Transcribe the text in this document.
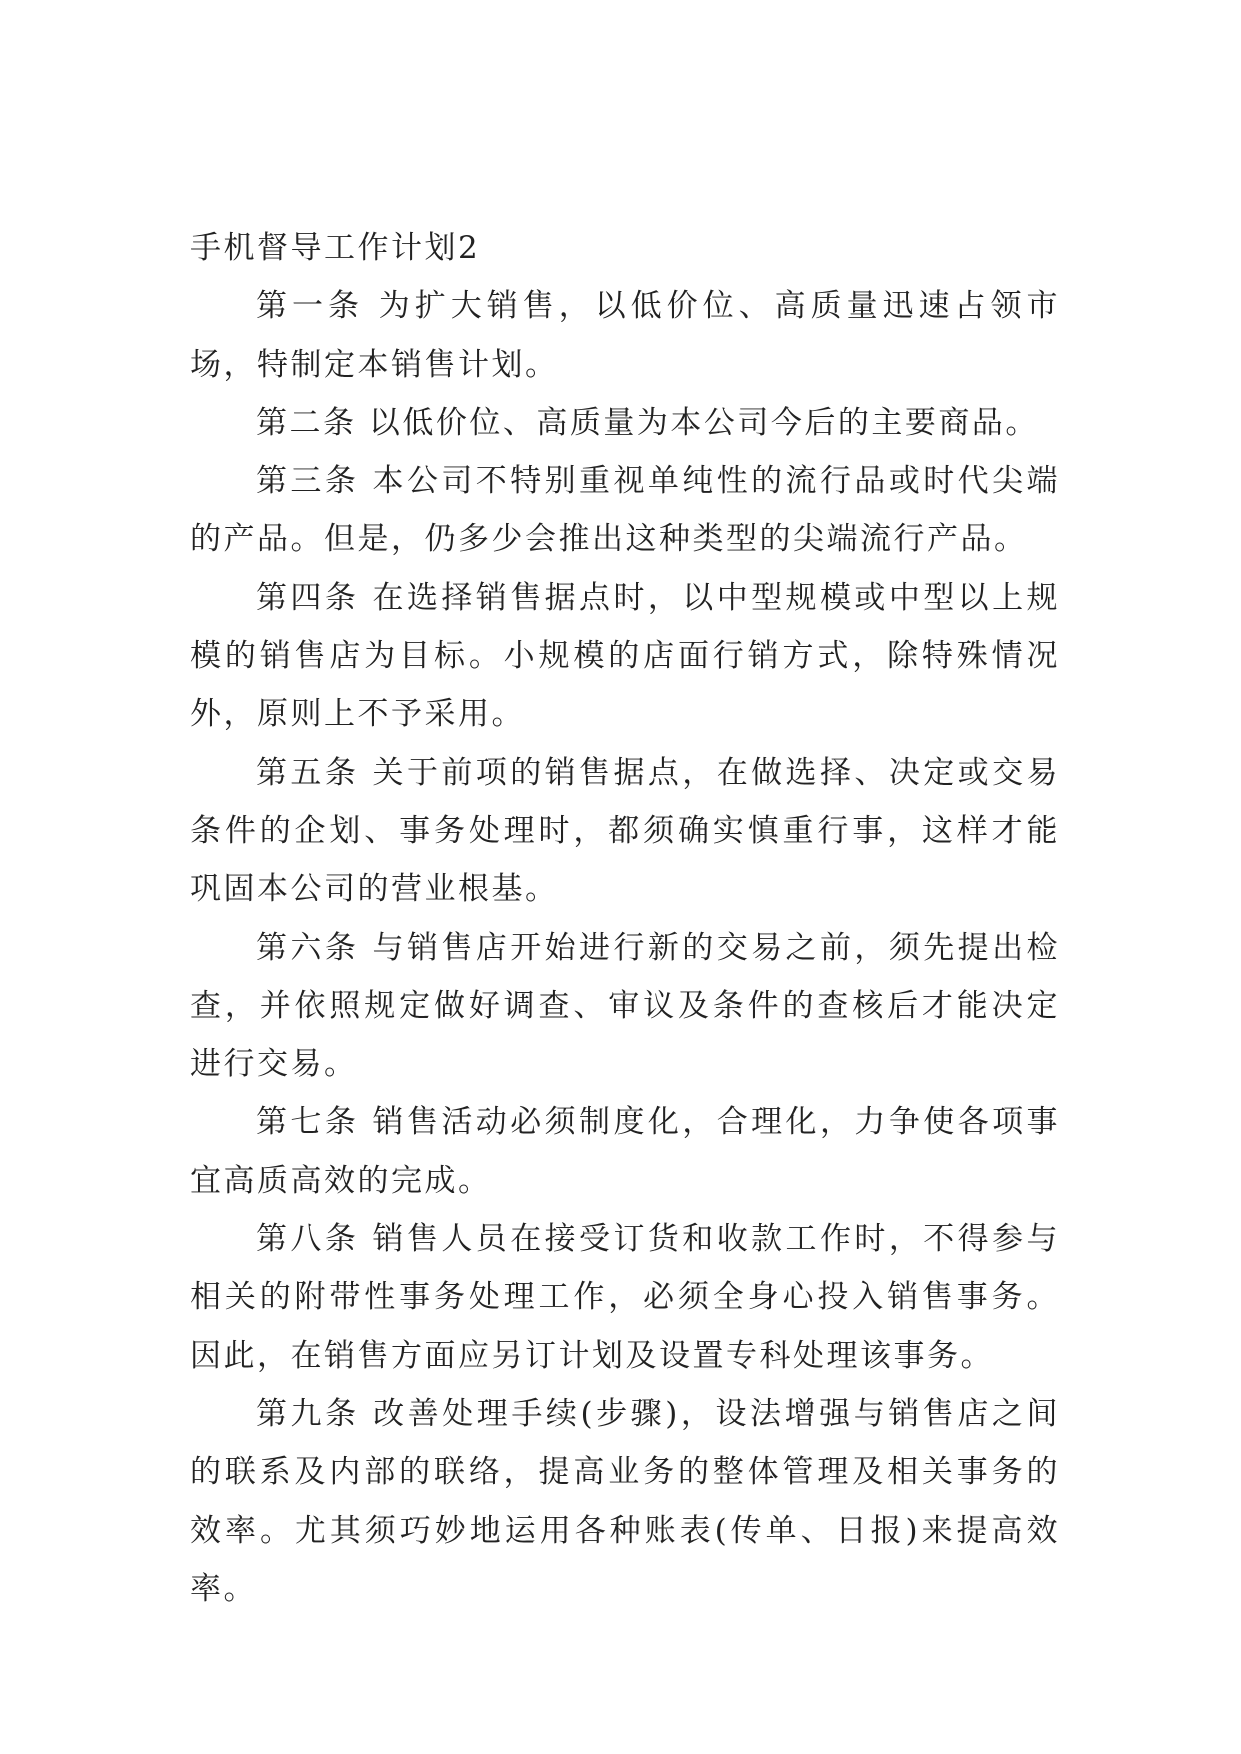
手机督导工作计划2

第一条 为扩大销售，以低价位、高质量迅速占领市场，特制定本销售计划。

第二条 以低价位、高质量为本公司今后的主要商品。

第三条 本公司不特别重视单纯性的流行品或时代尖端的产品。但是，仍多少会推出这种类型的尖端流行产品。

第四条 在选择销售据点时，以中型规模或中型以上规模的销售店为目标。小规模的店面行销方式，除特殊情况外，原则上不予采用。

第五条 关于前项的销售据点，在做选择、决定或交易条件的企划、事务处理时，都须确实慎重行事，这样才能巩固本公司的营业根基。

第六条 与销售店开始进行新的交易之前，须先提出检查，并依照规定做好调查、审议及条件的查核后才能决定进行交易。

第七条 销售活动必须制度化，合理化，力争使各项事宜高质高效的完成。

第八条 销售人员在接受订货和收款工作时，不得参与相关的附带性事务处理工作，必须全身心投入销售事务。因此，在销售方面应另订计划及设置专科处理该事务。

第九条 改善处理手续(步骤)，设法增强与销售店之间的联系及内部的联络，提高业务的整体管理及相关事务的效率。尤其须巧妙地运用各种账表(传单、日报)来提高效率。
